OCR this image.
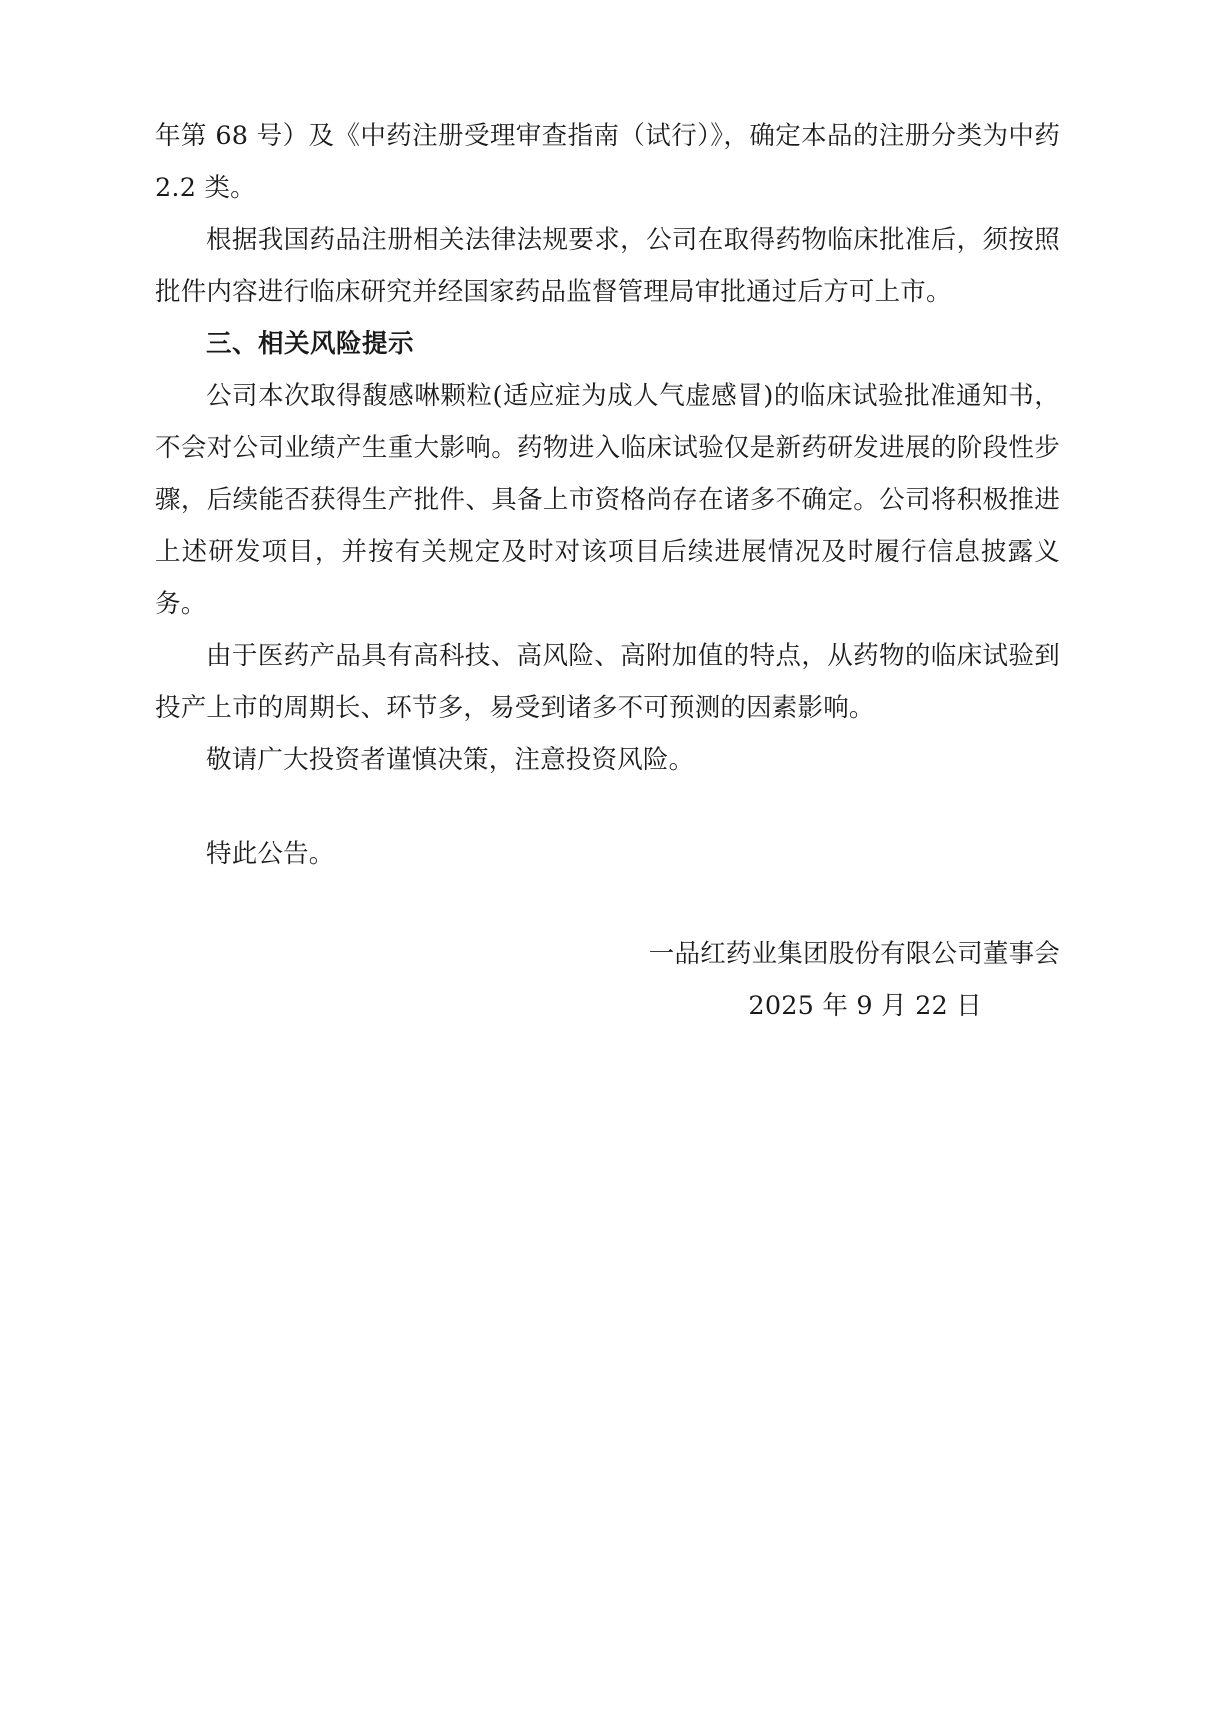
年第 68 号）及《中药注册受理审查指南（试行）》，确定本品的注册分类为中药 2.2 类。

根据我国药品注册相关法律法规要求，公司在取得药物临床批准后，须按照批件内容进行临床研究并经国家药品监督管理局审批通过后方可上市。

三、相关风险提示

公司本次取得馥感啉颗粒(适应症为成人气虚感冒)的临床试验批准通知书，不会对公司业绩产生重大影响。药物进入临床试验仅是新药研发进展的阶段性步骤，后续能否获得生产批件、具备上市资格尚存在诸多不确定。公司将积极推进上述研发项目，并按有关规定及时对该项目后续进展情况及时履行信息披露义务。

由于医药产品具有高科技、高风险、高附加值的特点，从药物的临床试验到投产上市的周期长、环节多，易受到诸多不可预测的因素影响。

敬请广大投资者谨慎决策，注意投资风险。

特此公告。

一品红药业集团股份有限公司董事会
2025 年 9 月 22 日
